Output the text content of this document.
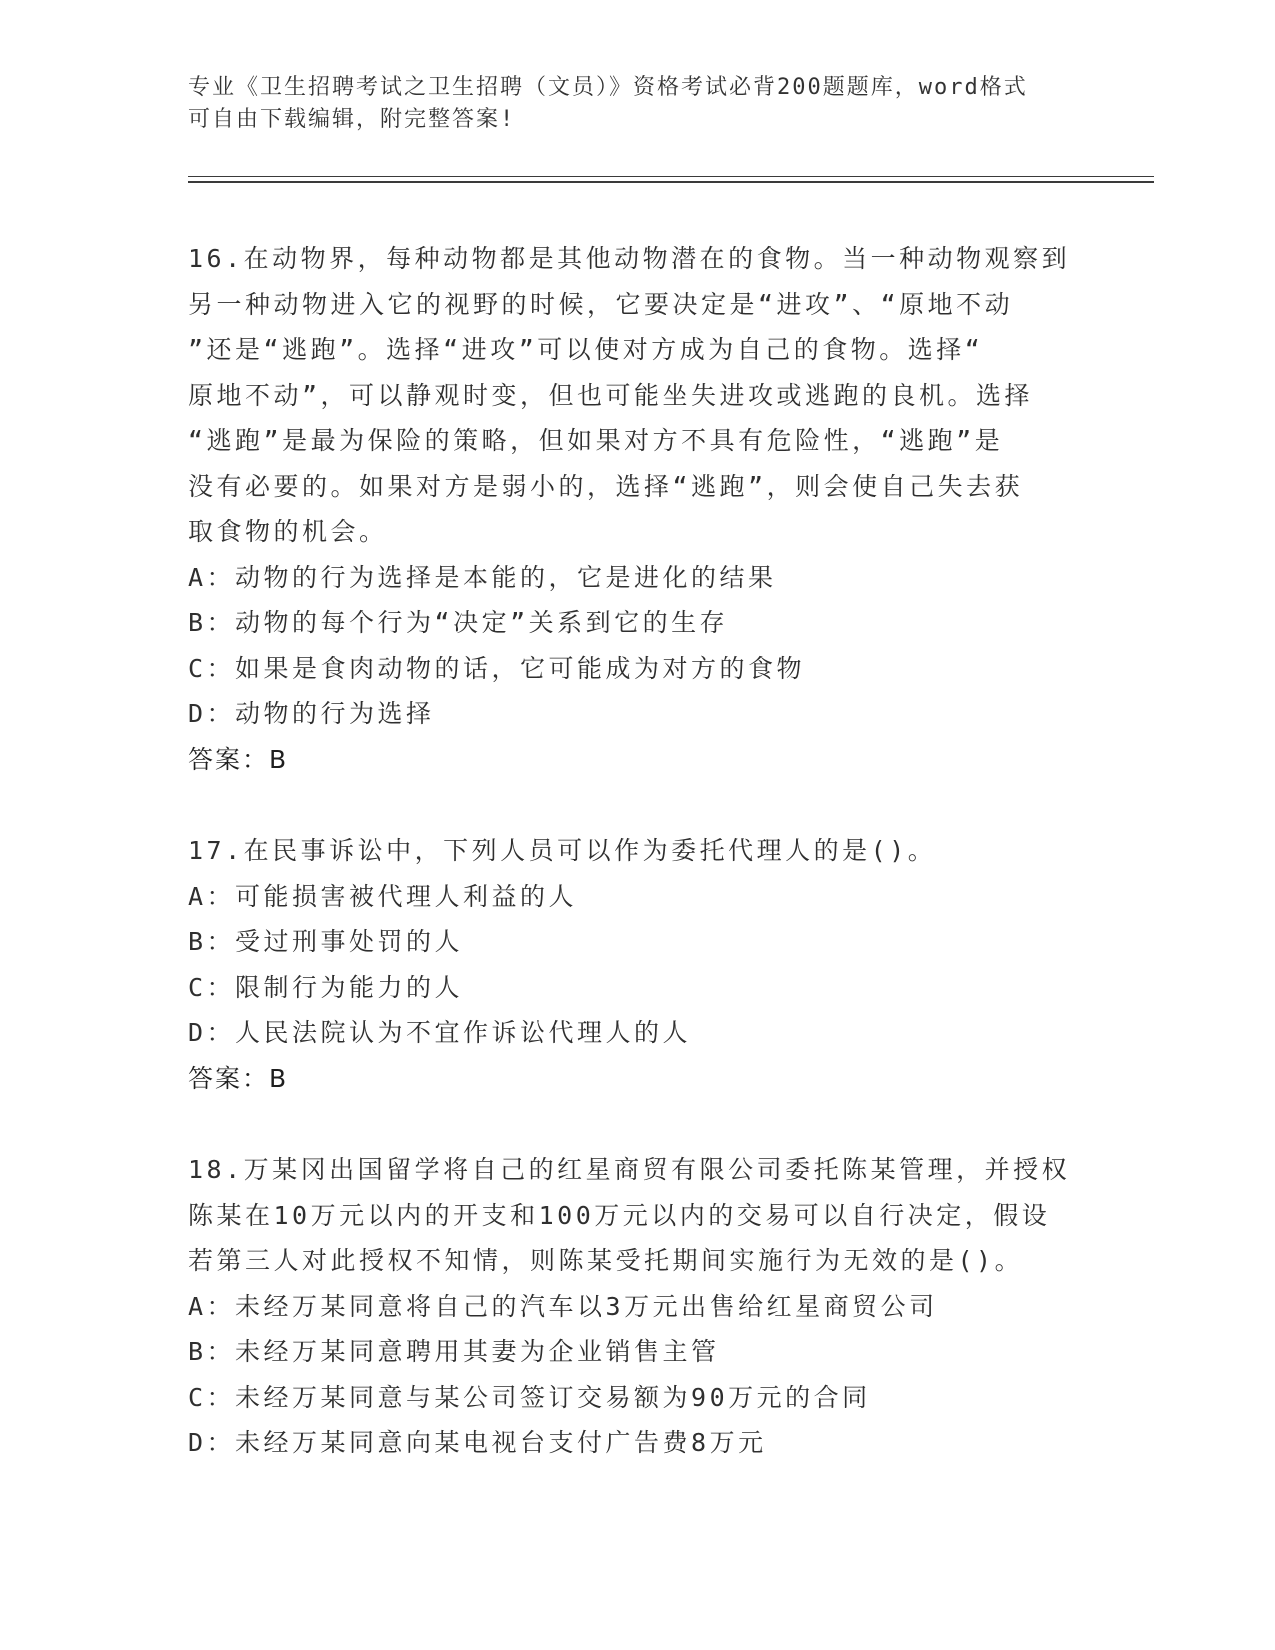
专业《卫生招聘考试之卫生招聘（文员）》资格考试必背200题题库，word格式
可自由下载编辑，附完整答案!
16.在动物界，每种动物都是其他动物潜在的食物。当一种动物观察到
另一种动物进入它的视野的时候，它要决定是“进攻”、“原地不动
”还是“逃跑”。选择“进攻”可以使对方成为自己的食物。选择“
原地不动”，可以静观时变，但也可能坐失进攻或逃跑的良机。选择
“逃跑”是最为保险的策略，但如果对方不具有危险性，“逃跑”是
没有必要的。如果对方是弱小的，选择“逃跑”，则会使自己失去获
取食物的机会。
A：动物的行为选择是本能的，它是进化的结果
B：动物的每个行为“决定”关系到它的生存
C：如果是食肉动物的话，它可能成为对方的食物
D：动物的行为选择
答案：B
17.在民事诉讼中，下列人员可以作为委托代理人的是()。
A：可能损害被代理人利益的人
B：受过刑事处罚的人
C：限制行为能力的人
D：人民法院认为不宜作诉讼代理人的人
答案：B
18.万某冈出国留学将自己的红星商贸有限公司委托陈某管理，并授权
陈某在10万元以内的开支和100万元以内的交易可以自行决定，假设
若第三人对此授权不知情，则陈某受托期间实施行为无效的是()。
A：未经万某同意将自己的汽车以3万元出售给红星商贸公司
B：未经万某同意聘用其妻为企业销售主管
C：未经万某同意与某公司签订交易额为90万元的合同
D：未经万某同意向某电视台支付广告费8万元
